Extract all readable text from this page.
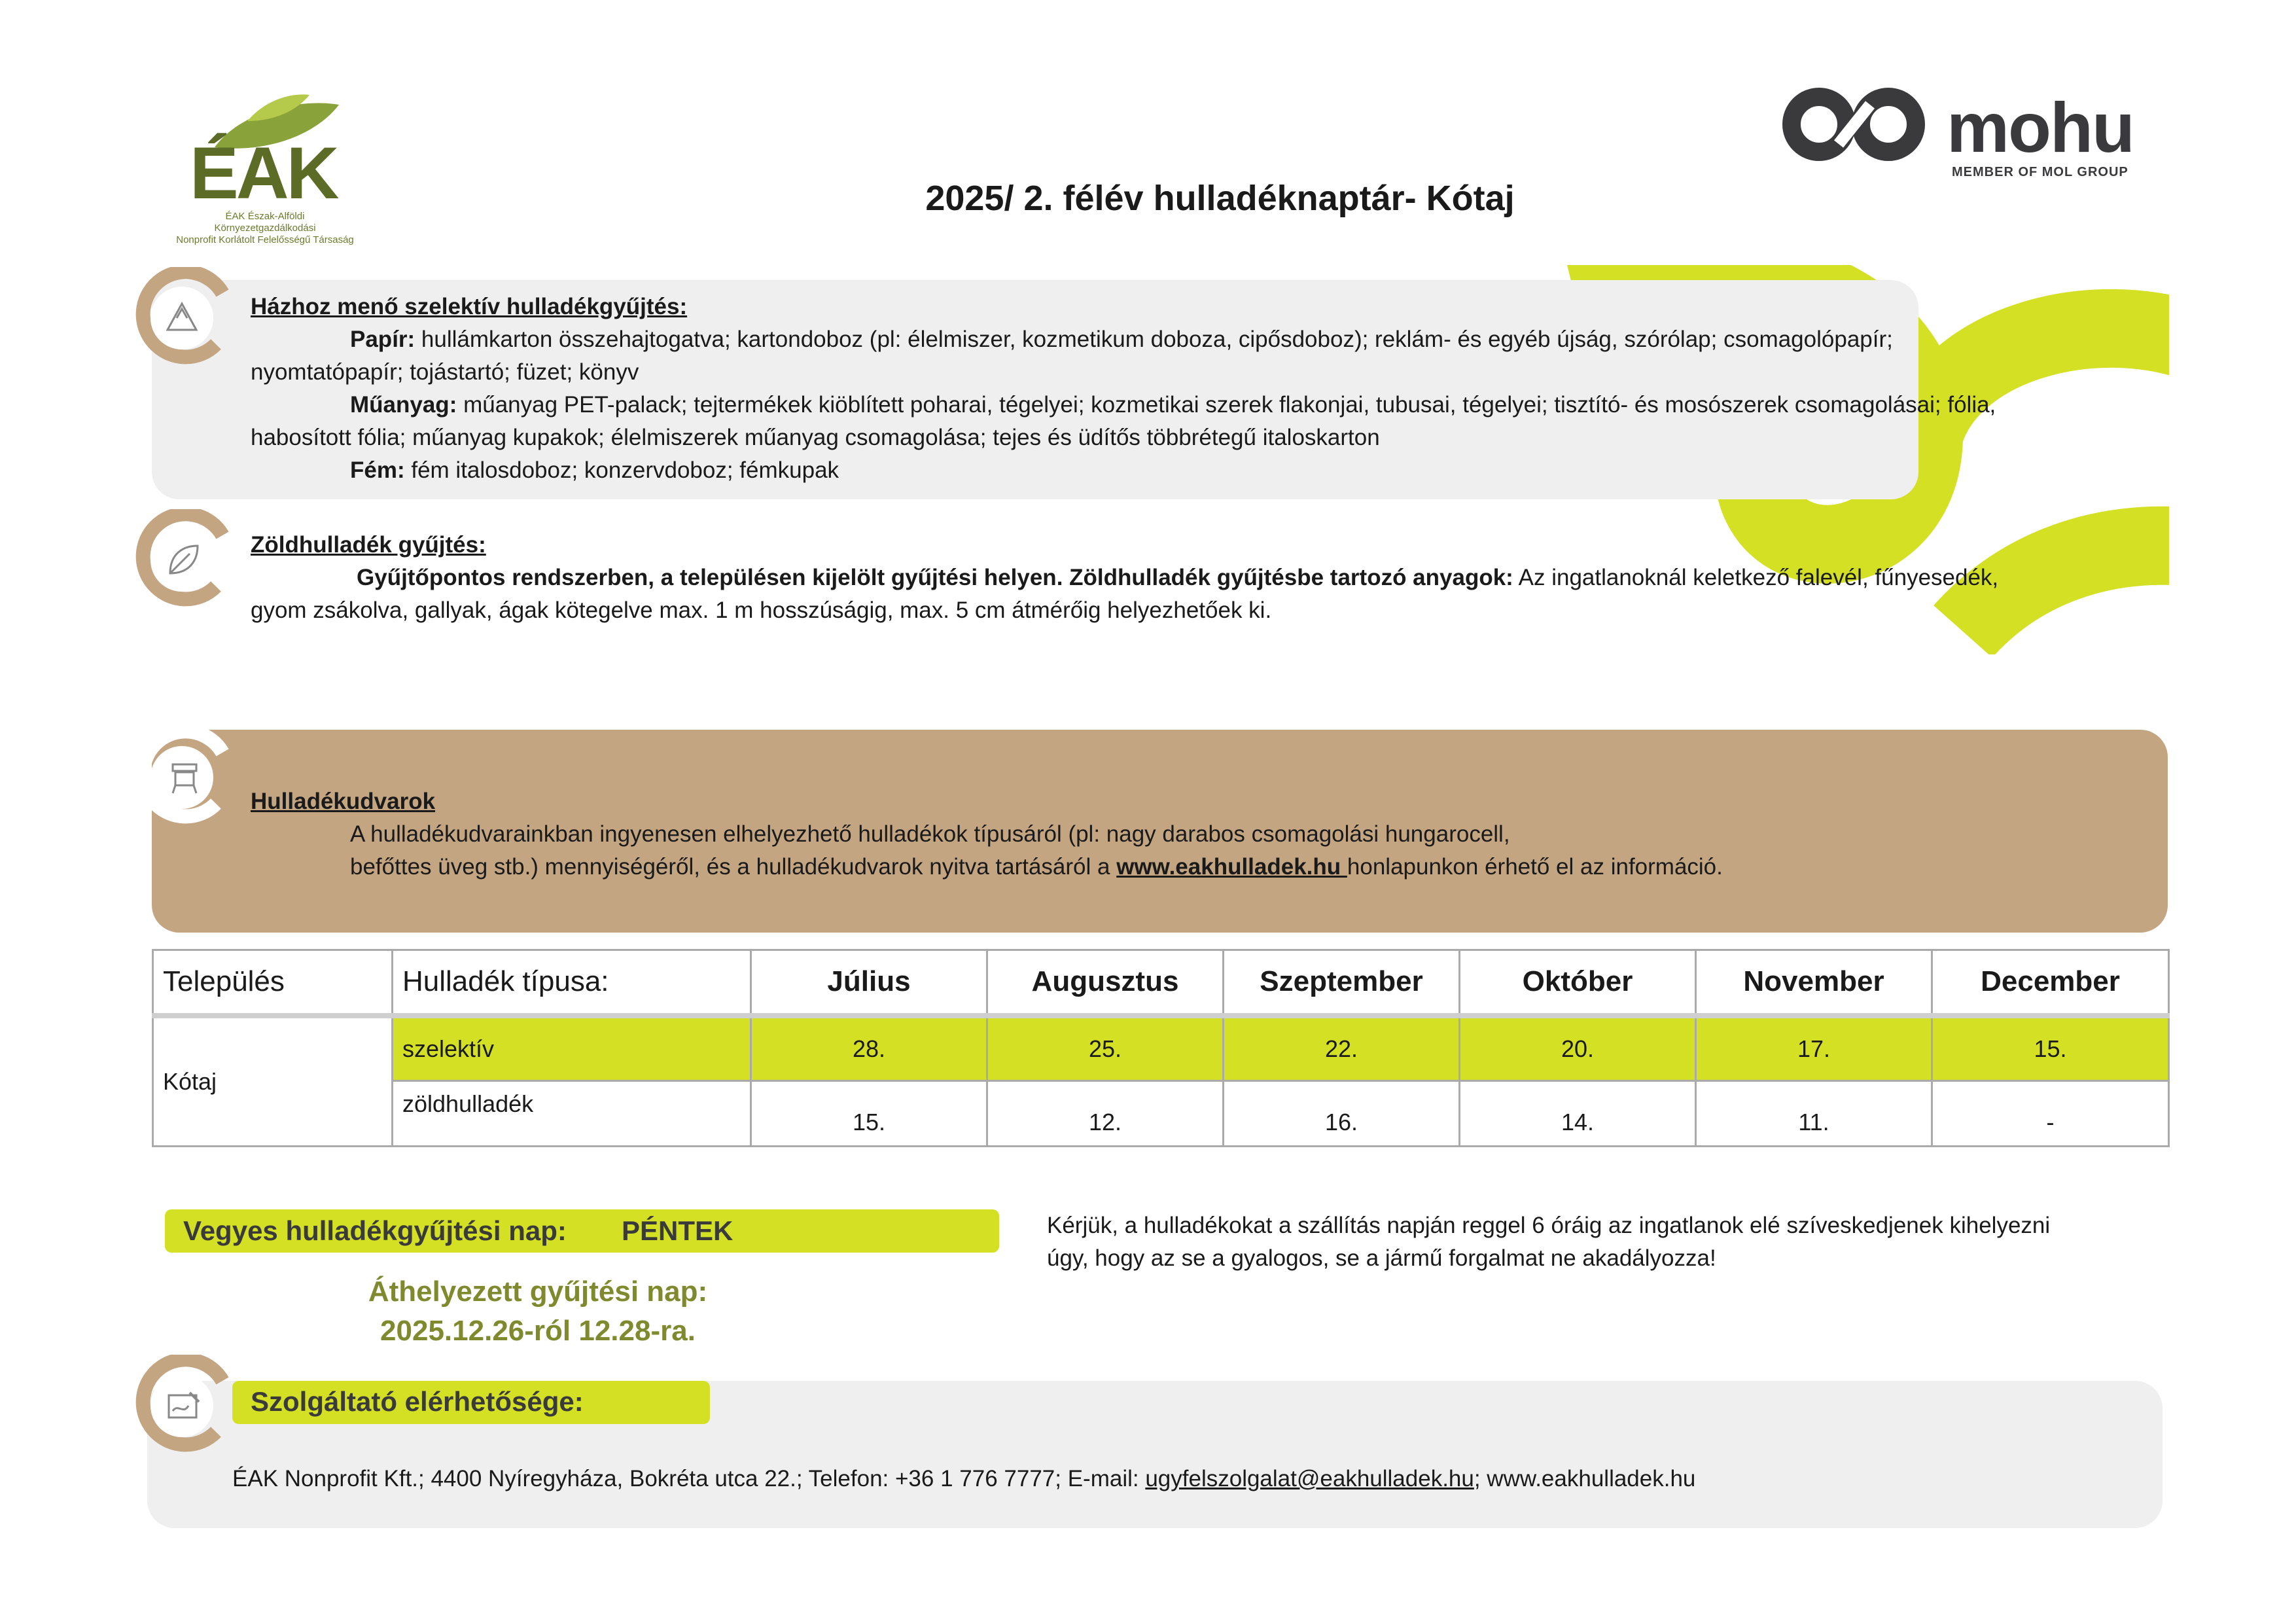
ÉAK
ÉAK Észak-Alföldi
Környezetgazdálkodási
Nonprofit Korlátolt Felelősségű Társaság
mohu
MEMBER OF MOL GROUP
2025/ 2. félév hulladéknaptár- Kótaj
Házhoz menő szelektív hulladékgyűjtés:
Papír: hullámkarton összehajtogatva; kartondoboz (pl: élelmiszer, kozmetikum doboza, cipősdoboz); reklám- és egyéb újság, szórólap; csomagolópapír;
nyomtatópapír; tojástartó; füzet; könyv
Műanyag: műanyag PET-palack; tejtermékek kiöblített poharai, tégelyei; kozmetikai szerek flakonjai, tubusai, tégelyei; tisztító- és mosószerek csomagolásai; fólia,
habosított fólia; műanyag kupakok; élelmiszerek műanyag csomagolása; tejes és üdítős többrétegű italoskarton
Fém: fém italosdoboz; konzervdoboz; fémkupak
Zöldhulladék gyűjtés:
Gyűjtőpontos rendszerben, a településen kijelölt gyűjtési helyen. Zöldhulladék gyűjtésbe tartozó anyagok: Az ingatlanoknál keletkező falevél, fűnyesedék,
gyom zsákolva, gallyak, ágak kötegelve max. 1 m hosszúságig, max. 5 cm átmérőig helyezhetőek ki.
Hulladékudvarok
A hulladékudvarainkban ingyenesen elhelyezhető hulladékok típusáról (pl: nagy darabos csomagolási hungarocell,
befőttes üveg stb.) mennyiségéről, és a hulladékudvarok nyitva tartásáról a www.eakhulladek.hu honlapunkon érhető el az információ.
Település	Hulladék típusa:	Július	Augusztus	Szeptember	Október	November	December
Kótaj	szelektív	28.	25.	22.	20.	17.	15.
	zöldhulladék	15.	12.	16.	14.	11.	-
Vegyes hulladékgyűjtési nap: PÉNTEK
Áthelyezett gyűjtési nap:
2025.12.26-ról 12.28-ra.
Kérjük, a hulladékokat a szállítás napján reggel 6 óráig az ingatlanok elé szíveskedjenek kihelyezni
úgy, hogy az se a gyalogos, se a jármű forgalmat ne akadályozza!
Szolgáltató elérhetősége:
ÉAK Nonprofit Kft.; 4400 Nyíregyháza, Bokréta utca 22.; Telefon: +36 1 776 7777; E-mail: ugyfelszolgalat@eakhulladek.hu; www.eakhulladek.hu
